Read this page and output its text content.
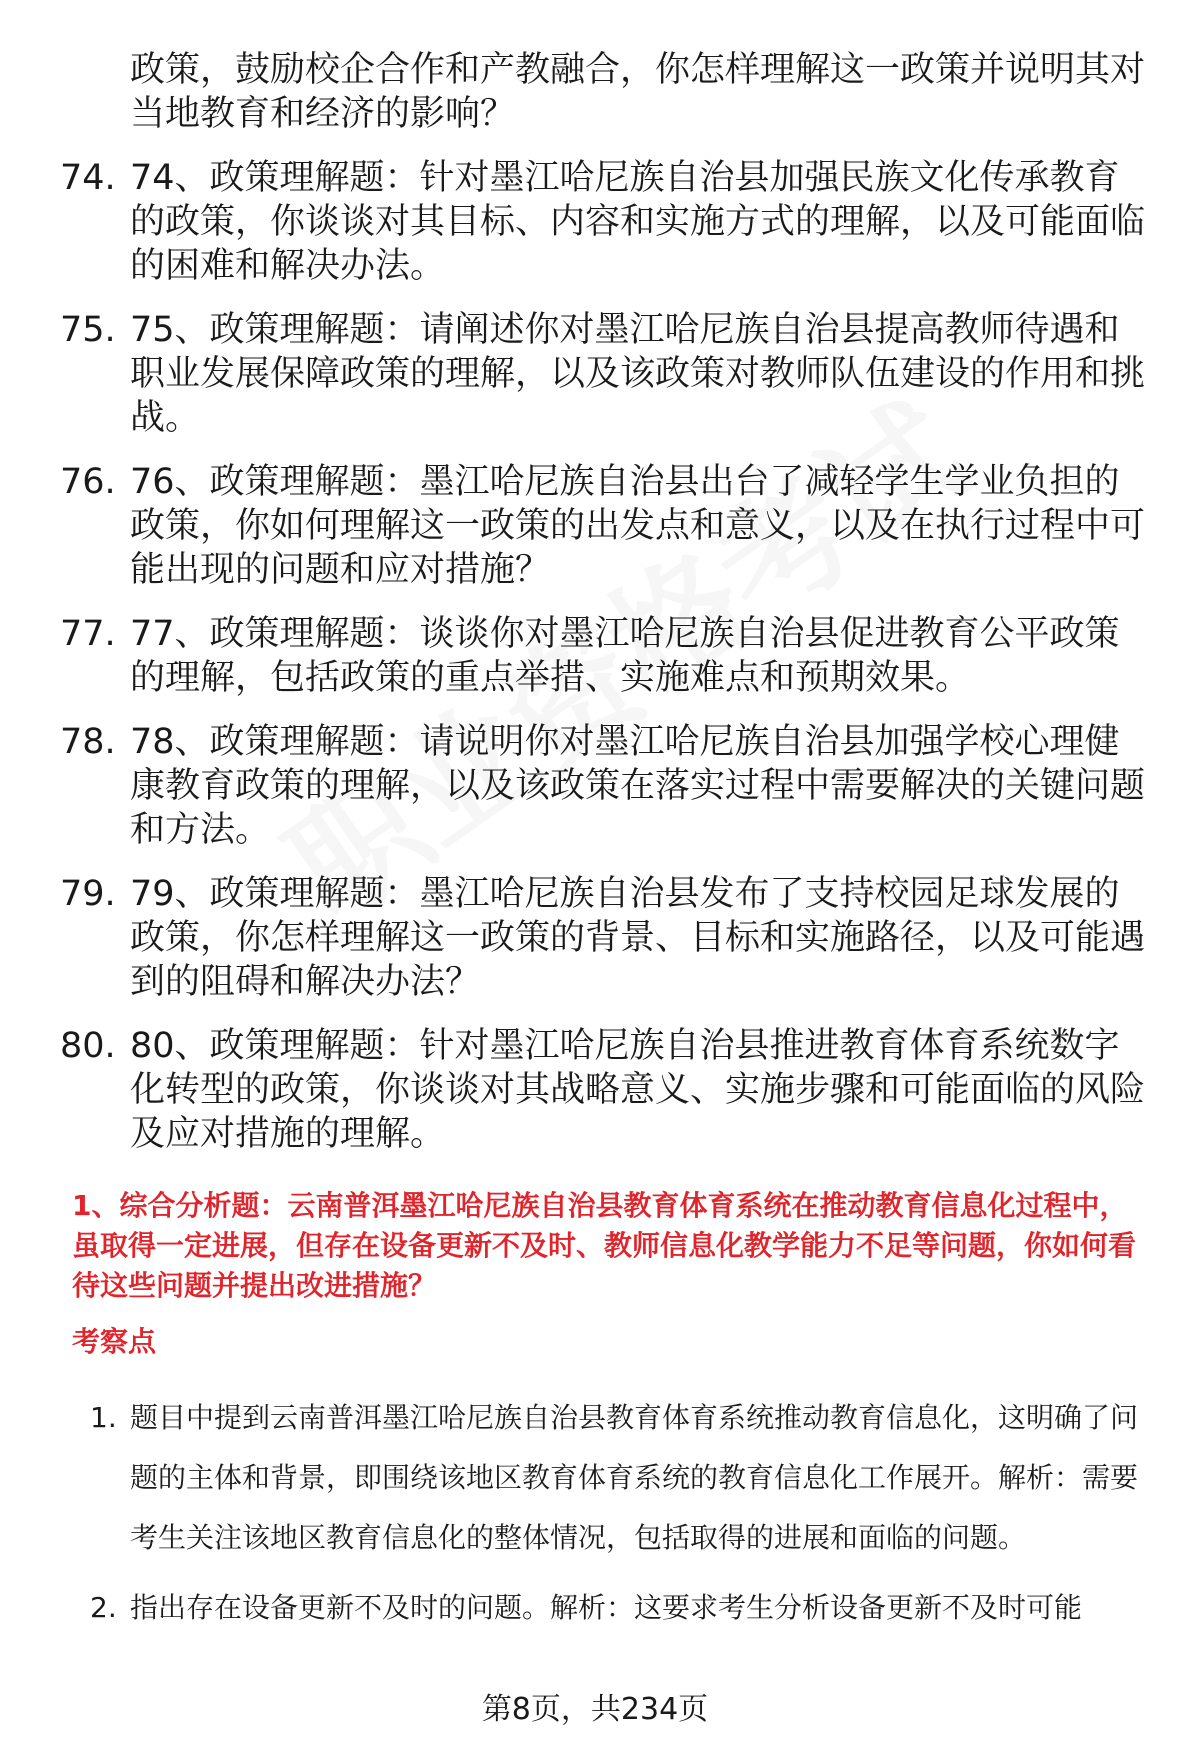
政策，鼓励校企合作和产教融合，你怎样理解这一政策并说明其对当地教育和经济的影响？
74. 74、政策理解题：针对墨江哈尼族自治县加强民族文化传承教育的政策，你谈谈对其目标、内容和实施方式的理解，以及可能面临的困难和解决办法。
75. 75、政策理解题：请阐述你对墨江哈尼族自治县提高教师待遇和职业发展保障政策的理解，以及该政策对教师队伍建设的作用和挑战。
76. 76、政策理解题：墨江哈尼族自治县出台了减轻学生学业负担的政策，你如何理解这一政策的出发点和意义，以及在执行过程中可能出现的问题和应对措施？
77. 77、政策理解题：谈谈你对墨江哈尼族自治县促进教育公平政策的理解，包括政策的重点举措、实施难点和预期效果。
78. 78、政策理解题：请说明你对墨江哈尼族自治县加强学校心理健康教育政策的理解，以及该政策在落实过程中需要解决的关键问题和方法。
79. 79、政策理解题：墨江哈尼族自治县发布了支持校园足球发展的政策，你怎样理解这一政策的背景、目标和实施路径，以及可能遇到的阻碍和解决办法？
80. 80、政策理解题：针对墨江哈尼族自治县推进教育体育系统数字化转型的政策，你谈谈对其战略意义、实施步骤和可能面临的风险及应对措施的理解。
1、综合分析题：云南普洱墨江哈尼族自治县教育体育系统在推动教育信息化过程中，虽取得一定进展，但存在设备更新不及时、教师信息化教学能力不足等问题，你如何看待这些问题并提出改进措施？
考察点
1. 题目中提到云南普洱墨江哈尼族自治县教育体育系统推动教育信息化，这明确了问题的主体和背景，即围绕该地区教育体育系统的教育信息化工作展开。解析：需要考生关注该地区教育信息化的整体情况，包括取得的进展和面临的问题。
2. 指出存在设备更新不及时的问题。解析：这要求考生分析设备更新不及时可能
第8页，共234页
